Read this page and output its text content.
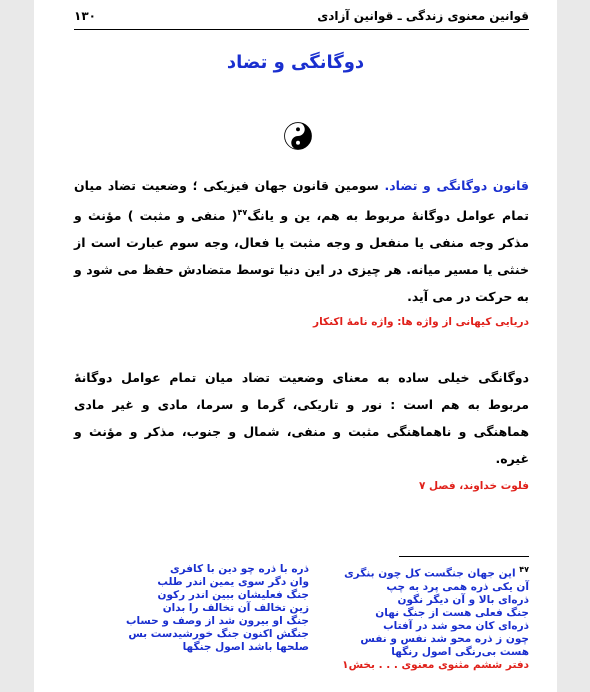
قوانین معنوی زندگی ـ قوانین آزادی
۱۳۰
دوگانگی و تضاد
قانون دوگانگی و تضاد. سومین قانون جهان فیزیکی ؛ وضعیت تضاد میان تمام عوامل دوگانهٔ مربوط به هم، ین و یانگ$^{۴۷}$( منفی و مثبت ) مؤنث و مذکر وجه منفی یا منفعل و وجه مثبت یا فعال، وجه سوم عبارت است از خنثی یا مسیر میانه. هر چیزی در این دنیا توسط متضادش حفظ می شود و به حرکت در می آید.
دریایی کیهانی از واژه ها: واژه نامهٔ اکنکار
دوگانگی خیلی ساده به معنای وضعیت تضاد میان تمام عوامل دوگانهٔ مربوط به هم است : نور و تاریکی، گرما و سرما، مادی و غیر مادی هماهنگی و ناهماهنگی مثبت و منفی، شمال و جنوب، مذکر و مؤنث و غیره.
فلوت خداوند، فصل ۷
$^{۴۷}$ این جهان جنگست کل چون بنگری
آن یکی ذره همی پرد به چپ
ذره‌ای بالا و آن دیگر نگون
جنگ فعلی هست از جنگ نهان
ذره‌ای کان محو شد در آفتاب
چون ز ذره محو شد نفس و نفس
هست بی‌رنگی اصول رنگها
دفتر ششم مثنوی معنوی . . . بخش۱
ذره با ذره چو دین با کافری
وان دگر سوی یمین اندر طلب
جنگ فعلیشان ببین اندر رکون
زین تخالف آن تخالف را بدان
جنگ او بیرون شد از وصف و حساب
جنگش اکنون جنگ خورشیدست بس
صلحها باشد اصول جنگها
